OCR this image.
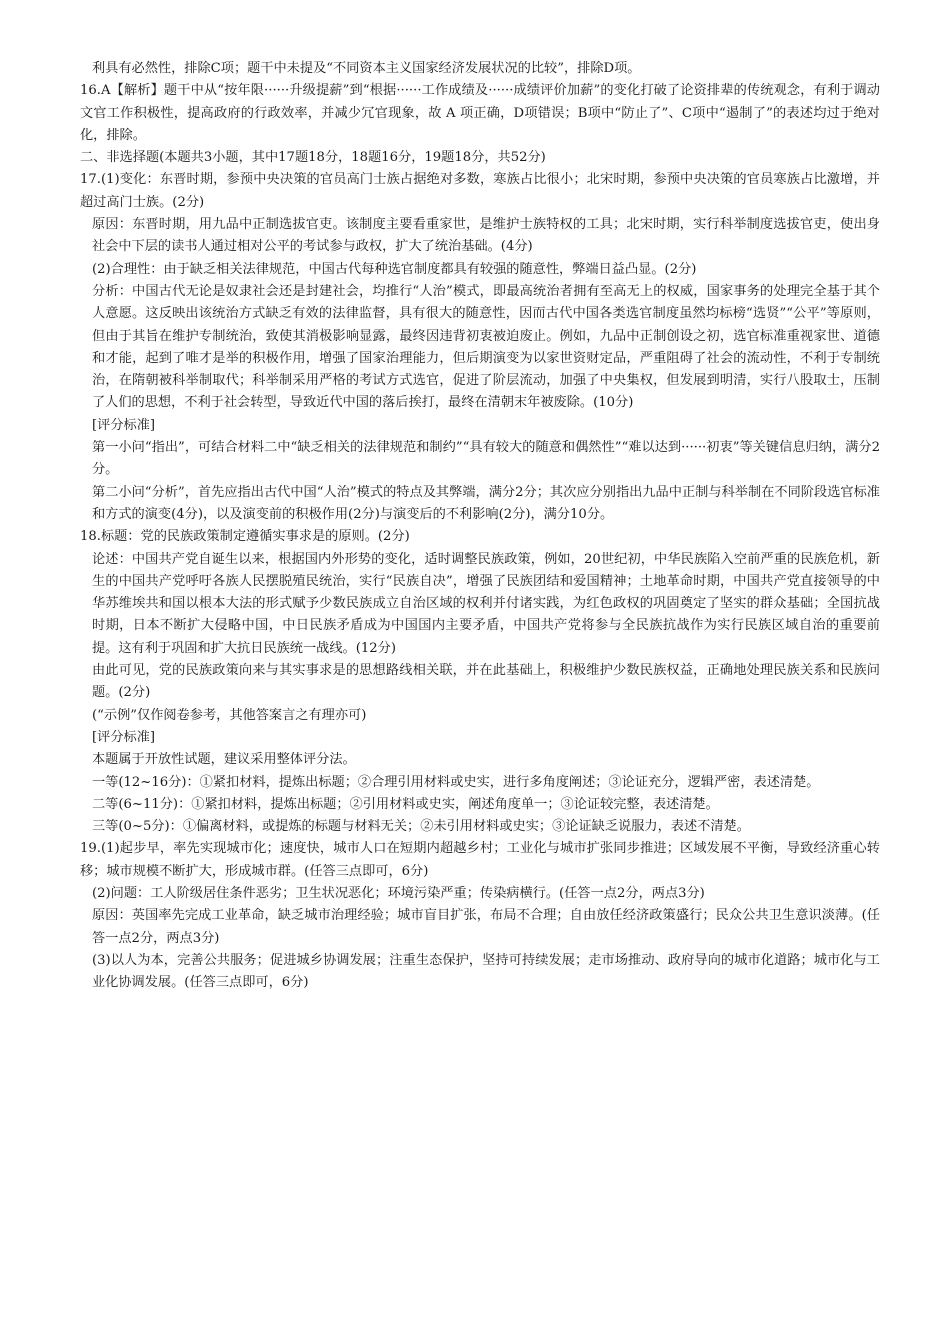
利具有必然性，排除C项；题干中未提及“不同资本主义国家经济发展状况的比较”，排除D项。

16.A【解析】题干中从“按年限······升级提薪”到“根据······工作成绩及······成绩评价加薪”的变化打破了论资排辈的传统观念，有利于调动文官工作积极性，提高政府的行政效率，并减少冗官现象，故 A 项正确，D项错误；B项中“防止了”、C项中“遏制了”的表述均过于绝对化，排除。

二、非选择题(本题共3小题，其中17题18分，18题16分，19题18分，共52分)

17.(1)变化：东晋时期，参预中央决策的官员高门士族占据绝对多数，寒族占比很小；北宋时期，参预中央决策的官员寒族占比激增，并超过高门士族。(2分)

原因：东晋时期，用九品中正制选拔官吏。该制度主要看重家世，是维护士族特权的工具；北宋时期，实行科举制度选拔官吏，使出身社会中下层的读书人通过相对公平的考试参与政权，扩大了统治基础。(4分)

(2)合理性：由于缺乏相关法律规范，中国古代每种选官制度都具有较强的随意性，弊端日益凸显。(2分)

分析：中国古代无论是奴隶社会还是封建社会，均推行“人治”模式，即最高统治者拥有至高无上的权威，国家事务的处理完全基于其个人意愿。这反映出该统治方式缺乏有效的法律监督，具有很大的随意性，因而古代中国各类选官制度虽然均标榜“选贤”“公平”等原则，但由于其旨在维护专制统治，致使其消极影响显露，最终因违背初衷被迫废止。例如，九品中正制创设之初，选官标准重视家世、道德和才能，起到了唯才是举的积极作用，增强了国家治理能力，但后期演变为以家世资财定品，严重阻碍了社会的流动性，不利于专制统治，在隋朝被科举制取代；科举制采用严格的考试方式选官，促进了阶层流动，加强了中央集权，但发展到明清，实行八股取士，压制了人们的思想，不利于社会转型，导致近代中国的落后挨打，最终在清朝末年被废除。(10分)

[评分标准]

第一小问“指出”，可结合材料二中“缺乏相关的法律规范和制约”“具有较大的随意和偶然性”“难以达到······初衷”等关键信息归纳，满分2分。

第二小问“分析”，首先应指出古代中国“人治”模式的特点及其弊端，满分2分；其次应分别指出九品中正制与科举制在不同阶段选官标准和方式的演变(4分)，以及演变前的积极作用(2分)与演变后的不利影响(2分)，满分10分。

18.标题：党的民族政策制定遵循实事求是的原则。(2分)

论述：中国共产党自诞生以来，根据国内外形势的变化，适时调整民族政策，例如，20世纪初，中华民族陷入空前严重的民族危机，新生的中国共产党呼吁各族人民摆脱殖民统治，实行“民族自决”，增强了民族团结和爱国精神；土地革命时期，中国共产党直接领导的中华苏维埃共和国以根本大法的形式赋予少数民族成立自治区域的权利并付诸实践，为红色政权的巩固奠定了坚实的群众基础；全国抗战时期，日本不断扩大侵略中国，中日民族矛盾成为中国国内主要矛盾，中国共产党将参与全民族抗战作为实行民族区域自治的重要前提。这有利于巩固和扩大抗日民族统一战线。(12分)

由此可见，党的民族政策向来与其实事求是的思想路线相关联，并在此基础上，积极维护少数民族权益，正确地处理民族关系和民族问题。(2分)

(“示例”仅作阅卷参考，其他答案言之有理亦可)

[评分标准]

本题属于开放性试题，建议采用整体评分法。

一等(12~16分)：①紧扣材料，提炼出标题；②合理引用材料或史实，进行多角度阐述；③论证充分，逻辑严密，表述清楚。

二等(6~11分)：①紧扣材料，提炼出标题；②引用材料或史实，阐述角度单一；③论证较完整，表述清楚。

三等(0~5分)：①偏离材料，或提炼的标题与材料无关；②未引用材料或史实；③论证缺乏说服力，表述不清楚。

19.(1)起步早，率先实现城市化；速度快，城市人口在短期内超越乡村；工业化与城市扩张同步推进；区域发展不平衡，导致经济重心转移；城市规模不断扩大，形成城市群。(任答三点即可，6分)

(2)问题：工人阶级居住条件恶劣；卫生状况恶化；环境污染严重；传染病横行。(任答一点2分，两点3分)

原因：英国率先完成工业革命，缺乏城市治理经验；城市盲目扩张，布局不合理；自由放任经济政策盛行；民众公共卫生意识淡薄。(任答一点2分，两点3分)

(3)以人为本，完善公共服务；促进城乡协调发展；注重生态保护，坚持可持续发展；走市场推动、政府导向的城市化道路；城市化与工业化协调发展。(任答三点即可，6分)
